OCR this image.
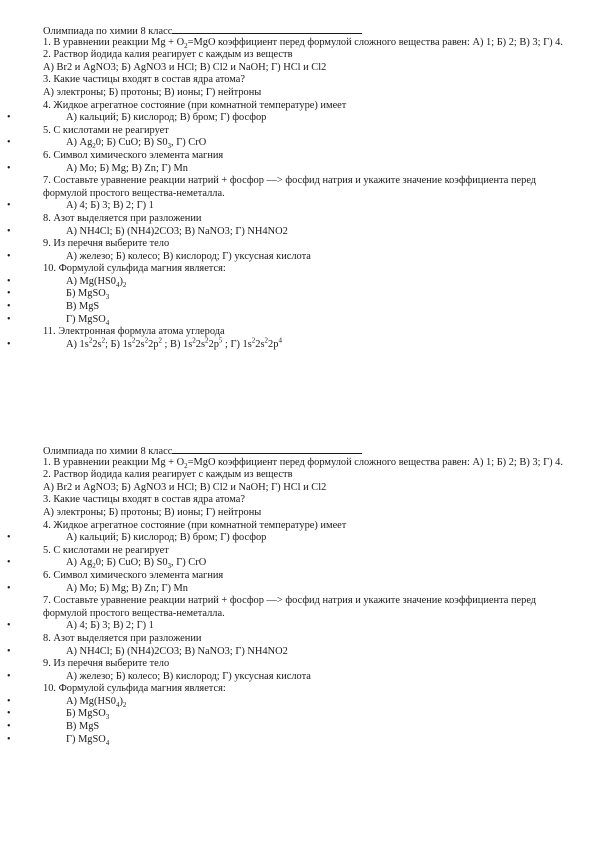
Олимпиада по химии 8 класс
1. В уравнении реакции $Mg + O_2=MgO$ коэффициент перед формулой сложного вещества равен: А) 1; Б) 2; В) 3; Г) 4.
2. Раствор йодида калия реагирует с каждым из веществ
А) Br2 и AgNO3; Б) AgNO3 и HCl; В) Cl2 и NaOH; Г) HCl и Cl2
3. Какие частицы входят в состав ядра атома?
А) электроны; Б) протоны; В) ионы; Г) нейтроны
4. Жидкое агрегатное состояние (при комнатной температуре) имеет
• А) кальций; Б) кислород; В) бром; Г) фосфор
5. С кислотами не реагирует
• А) $Ag_20$; Б) CuO; В) $S0_3$, Г) CrO
6. Символ химического элемента магния
• А) Mo; Б) Mg; В) Zn; Г) Mn
7. Составьте уравнение реакции натрий + фосфор —> фосфид натрия и укажите значение коэффициента перед формулой простого вещества-неметалла.
• А) 4; Б) 3; В) 2; Г) 1
8. Азот выделяется при разложении
• А) NH4Cl; Б) (NH4)2CO3; В) NaNO3; Г) NH4NO2
9. Из перечня выберите тело
• А) железо; Б) колесо; В) кислород; Г) уксусная кислота
10. Формулой сульфида магния является:
• А) $Mg(HS0_4)_2$
• Б) MgSO$_3$
• В) MgS
• Г) MgSO$_4$
11. Электронная формула атома углерода
• А) $1s^22s^2$; Б) $1s^22s^22p^2$ ; В) $1s^22s^22p^5$ ; Г) $1s^22s^22p^4$
Олимпиада по химии 8 класс
1. В уравнении реакции $Mg + O_2=MgO$ коэффициент перед формулой сложного вещества равен: А) 1; Б) 2; В) 3; Г) 4.
2. Раствор йодида калия реагирует с каждым из веществ
А) Br2 и AgNO3; Б) AgNO3 и HCl; В) Cl2 и NaOH; Г) HCl и Cl2
3. Какие частицы входят в состав ядра атома?
А) электроны; Б) протоны; В) ионы; Г) нейтроны
4. Жидкое агрегатное состояние (при комнатной температуре) имеет
• А) кальций; Б) кислород; В) бром; Г) фосфор
5. С кислотами не реагирует
• А) $Ag_20$; Б) CuO; В) $S0_3$, Г) CrO
6. Символ химического элемента магния
• А) Mo; Б) Mg; В) Zn; Г) Mn
7. Составьте уравнение реакции натрий + фосфор —> фосфид натрия и укажите значение коэффициента перед формулой простого вещества-неметалла.
• А) 4; Б) 3; В) 2; Г) 1
8. Азот выделяется при разложении
• А) NH4Cl; Б) (NH4)2CO3; В) NaNO3; Г) NH4NO2
9. Из перечня выберите тело
• А) железо; Б) колесо; В) кислород; Г) уксусная кислота
10. Формулой сульфида магния является:
• А) $Mg(HS0_4)_2$
• Б) MgSO$_3$
• В) MgS
• Г) MgSO$_4$
